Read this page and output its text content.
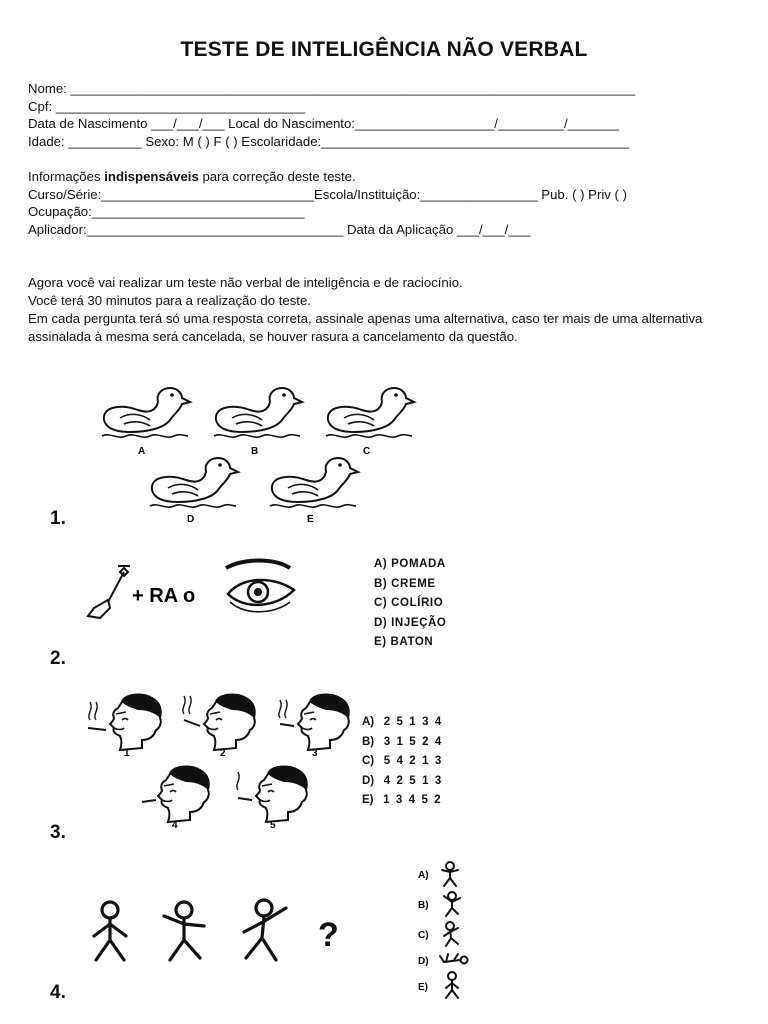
TESTE DE INTELIGÊNCIA NÃO VERBAL
Nome: _____________________________________________________________________________
Cpf: __________________________________
Data de Nascimento ___/___/___ Local do Nascimento:___________________/_________/_______
Idade: __________ Sexo: M ( ) F ( ) Escolaridade:__________________________________________
Informações indispensáveis para correção deste teste.
Curso/Série:_____________________________Escola/Instituição:________________ Pub. ( ) Priv ( )
Ocupação:_____________________________
Aplicador:___________________________________ Data da Aplicação ___/___/___
Agora você vai realizar um teste não verbal de inteligência e de raciocínio.
Você terá 30 minutos para a realização do teste.
Em cada pergunta terá só uma resposta correta, assinale apenas uma alternativa, caso ter mais de uma alternativa assinalada à mesma será cancelada, se houver rasura a cancelamento da questão.
A	B	C
D	E
1.
+ RA o
A) POMADA
B) CREME
C) COLÍRIO
D) INJEÇÃO
E) BATON
2.
1	2	3
4	5
A)   2  5  1  3  4
B)   3  1  5  2  4
C)   5  4  2  1  3
D)   4  2  5  1  3
E)   1  3  4  5  2
3.
?
A)
B)
C)
D)
E)
4.
